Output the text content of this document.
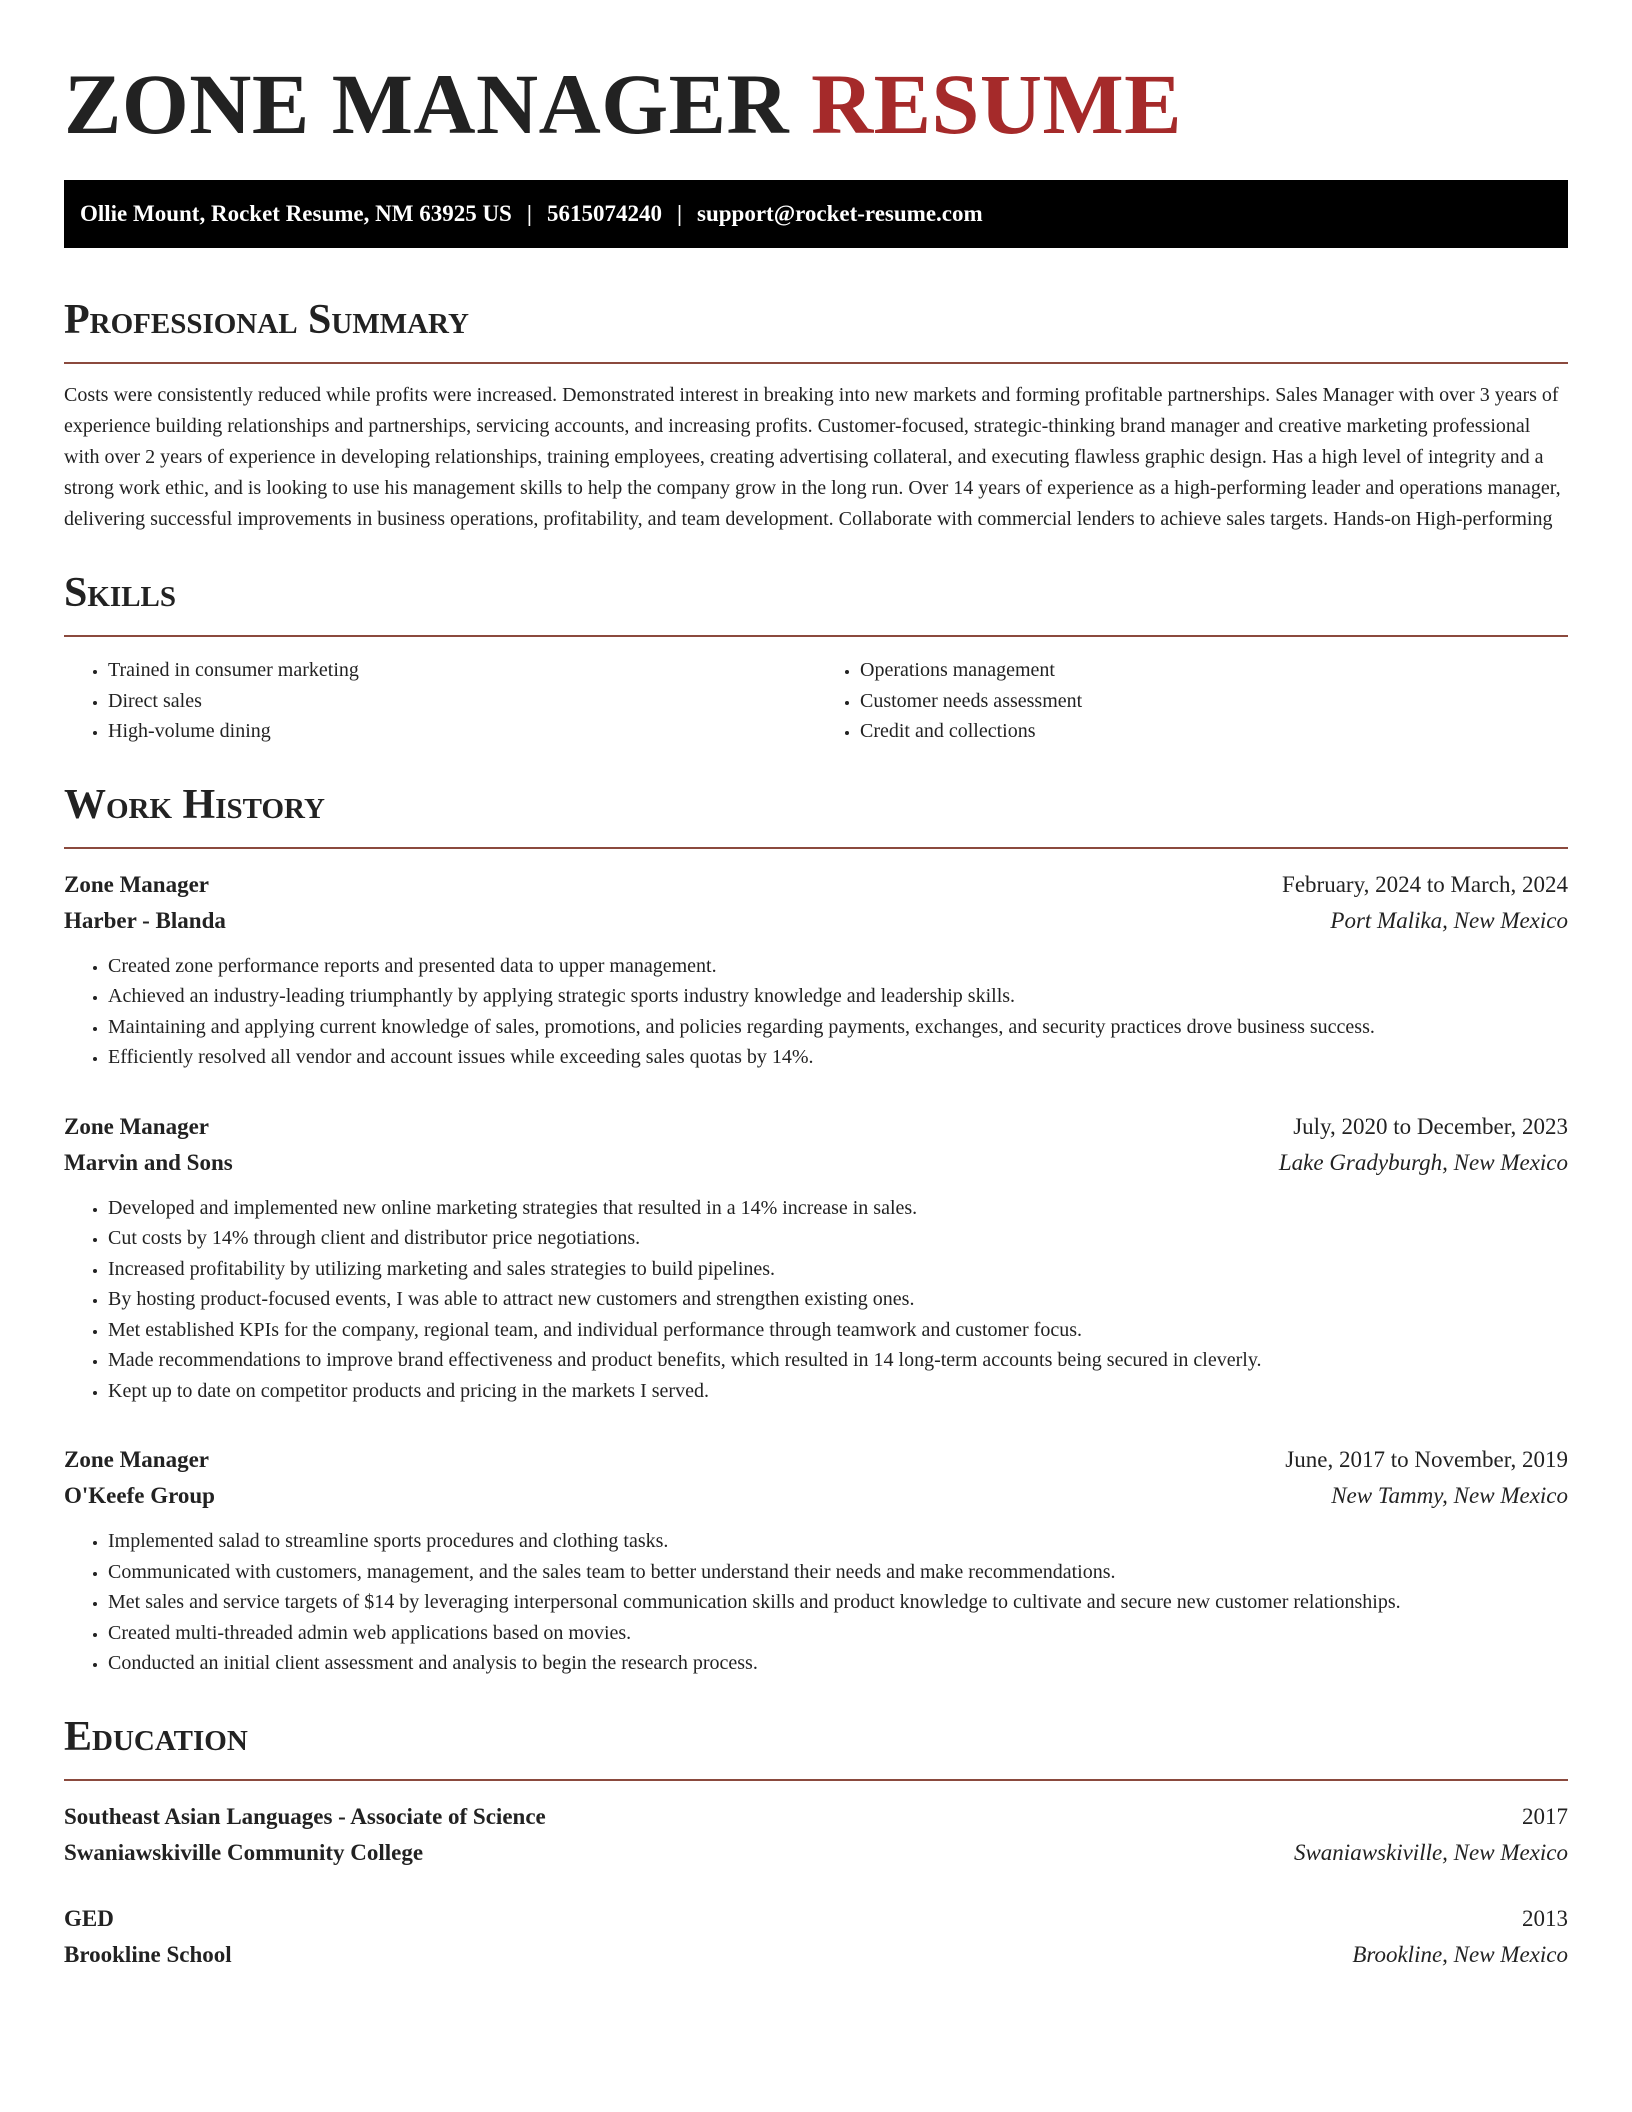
ZONE MANAGER RESUME
Ollie Mount, Rocket Resume, NM 63925 US | 5615074240 | support@rocket-resume.com
Professional Summary

Costs were consistently reduced while profits were increased. Demonstrated interest in breaking into new markets and forming profitable partnerships. Sales Manager with over 3 years of experience building relationships and partnerships, servicing accounts, and increasing profits. Customer-focused, strategic-thinking brand manager and creative marketing professional with over 2 years of experience in developing relationships, training employees, creating advertising collateral, and executing flawless graphic design. Has a high level of integrity and a strong work ethic, and is looking to use his management skills to help the company grow in the long run. Over 14 years of experience as a high-performing leader and operations manager, delivering successful improvements in business operations, profitability, and team development. Collaborate with commercial lenders to achieve sales targets. Hands-on High-performing

Skills
• Trained in consumer marketing
• Direct sales
• High-volume dining
• Operations management
• Customer needs assessment
• Credit and collections
Work History
Zone Manager	February, 2024 to March, 2024
Harber - Blanda	Port Malika, New Mexico
• Created zone performance reports and presented data to upper management.
• Achieved an industry-leading triumphantly by applying strategic sports industry knowledge and leadership skills.
• Maintaining and applying current knowledge of sales, promotions, and policies regarding payments, exchanges, and security practices drove business success.
• Efficiently resolved all vendor and account issues while exceeding sales quotas by 14%.
Zone Manager	July, 2020 to December, 2023
Marvin and Sons	Lake Gradyburgh, New Mexico
• Developed and implemented new online marketing strategies that resulted in a 14% increase in sales.
• Cut costs by 14% through client and distributor price negotiations.
• Increased profitability by utilizing marketing and sales strategies to build pipelines.
• By hosting product-focused events, I was able to attract new customers and strengthen existing ones.
• Met established KPIs for the company, regional team, and individual performance through teamwork and customer focus.
• Made recommendations to improve brand effectiveness and product benefits, which resulted in 14 long-term accounts being secured in cleverly.
• Kept up to date on competitor products and pricing in the markets I served.
Zone Manager	June, 2017 to November, 2019
O'Keefe Group	New Tammy, New Mexico
• Implemented salad to streamline sports procedures and clothing tasks.
• Communicated with customers, management, and the sales team to better understand their needs and make recommendations.
• Met sales and service targets of $14 by leveraging interpersonal communication skills and product knowledge to cultivate and secure new customer relationships.
• Created multi-threaded admin web applications based on movies.
• Conducted an initial client assessment and analysis to begin the research process.
Education
Southeast Asian Languages - Associate of Science	2017
Swaniawskiville Community College	Swaniawskiville, New Mexico
GED	2013
Brookline School	Brookline, New Mexico
